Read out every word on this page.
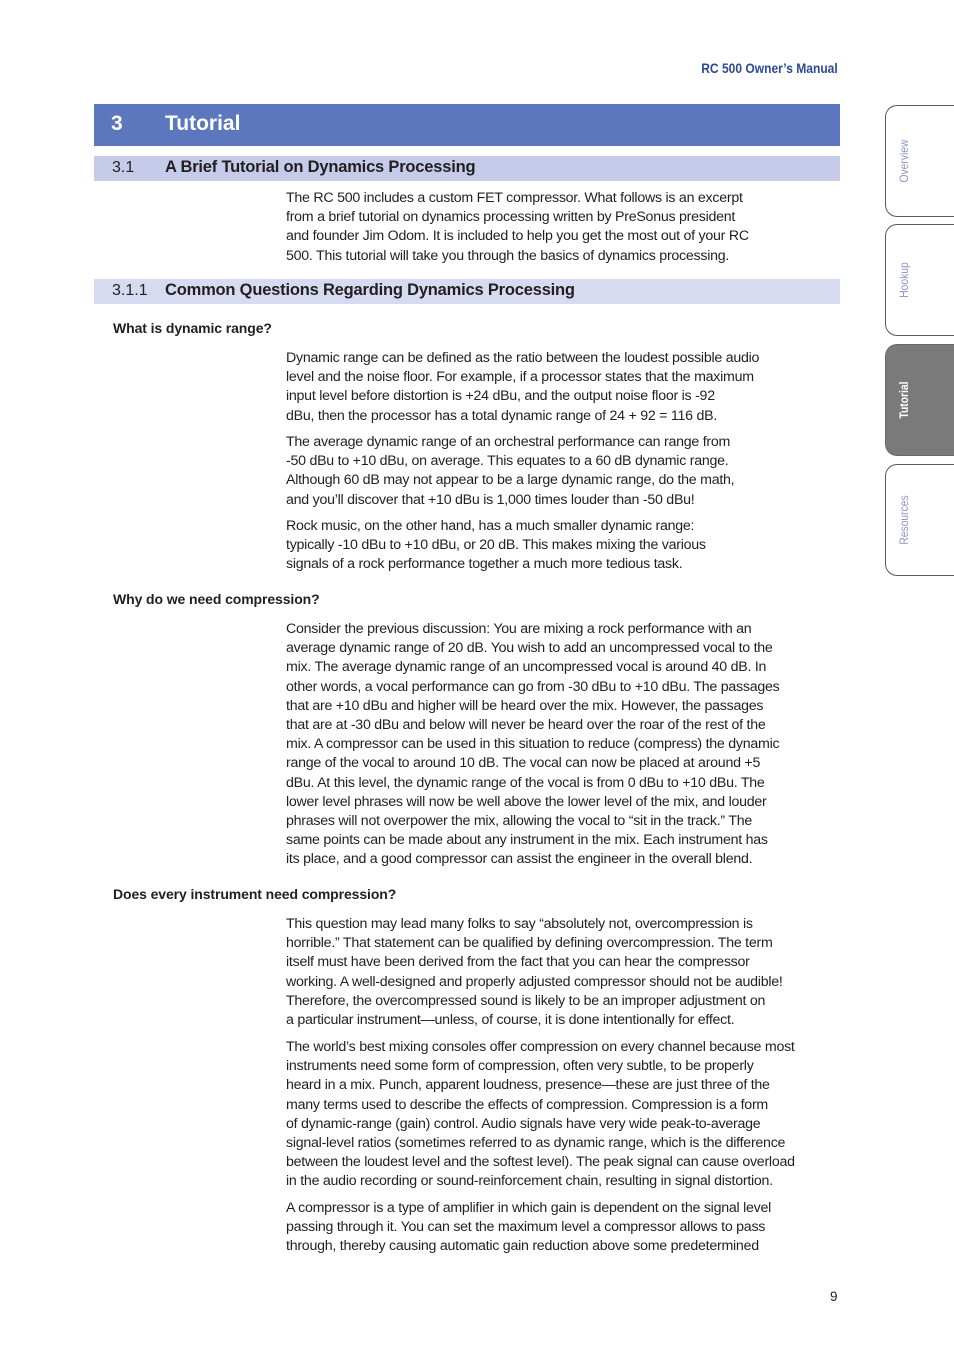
RC 500 Owner’s Manual
3 Tutorial
3.1 A Brief Tutorial on Dynamics Processing
The RC 500 includes a custom FET compressor. What follows is an excerpt
from a brief tutorial on dynamics processing written by PreSonus president
and founder Jim Odom. It is included to help you get the most out of your RC
500. This tutorial will take you through the basics of dynamics processing.
3.1.1 Common Questions Regarding Dynamics Processing
What is dynamic range?
Dynamic range can be defined as the ratio between the loudest possible audio
level and the noise floor. For example, if a processor states that the maximum
input level before distortion is +24 dBu, and the output noise floor is -92
dBu, then the processor has a total dynamic range of 24 + 92 = 116 dB.
The average dynamic range of an orchestral performance can range from
-50 dBu to +10 dBu, on average. This equates to a 60 dB dynamic range.
Although 60 dB may not appear to be a large dynamic range, do the math,
and you’ll discover that +10 dBu is 1,000 times louder than -50 dBu!
Rock music, on the other hand, has a much smaller dynamic range:
typically -10 dBu to +10 dBu, or 20 dB. This makes mixing the various
signals of a rock performance together a much more tedious task.
Why do we need compression?
Consider the previous discussion: You are mixing a rock performance with an
average dynamic range of 20 dB. You wish to add an uncompressed vocal to the
mix. The average dynamic range of an uncompressed vocal is around 40 dB. In
other words, a vocal performance can go from -30 dBu to +10 dBu. The passages
that are +10 dBu and higher will be heard over the mix. However, the passages
that are at -30 dBu and below will never be heard over the roar of the rest of the
mix. A compressor can be used in this situation to reduce (compress) the dynamic
range of the vocal to around 10 dB. The vocal can now be placed at around +5
dBu. At this level, the dynamic range of the vocal is from 0 dBu to +10 dBu. The
lower level phrases will now be well above the lower level of the mix, and louder
phrases will not overpower the mix, allowing the vocal to “sit in the track.” The
same points can be made about any instrument in the mix. Each instrument has
its place, and a good compressor can assist the engineer in the overall blend.
Does every instrument need compression?
This question may lead many folks to say “absolutely not, overcompression is
horrible.” That statement can be qualified by defining overcompression. The term
itself must have been derived from the fact that you can hear the compressor
working. A well-designed and properly adjusted compressor should not be audible!
Therefore, the overcompressed sound is likely to be an improper adjustment on
a particular instrument—unless, of course, it is done intentionally for effect.
The world’s best mixing consoles offer compression on every channel because most
instruments need some form of compression, often very subtle, to be properly
heard in a mix. Punch, apparent loudness, presence—these are just three of the
many terms used to describe the effects of compression. Compression is a form
of dynamic-range (gain) control. Audio signals have very wide peak-to-average
signal-level ratios (sometimes referred to as dynamic range, which is the difference
between the loudest level and the softest level). The peak signal can cause overload
in the audio recording or sound-reinforcement chain, resulting in signal distortion.
A compressor is a type of amplifier in which gain is dependent on the signal level
passing through it. You can set the maximum level a compressor allows to pass
through, thereby causing automatic gain reduction above some predetermined
Overview
Hookup
Tutorial
Resources
9
